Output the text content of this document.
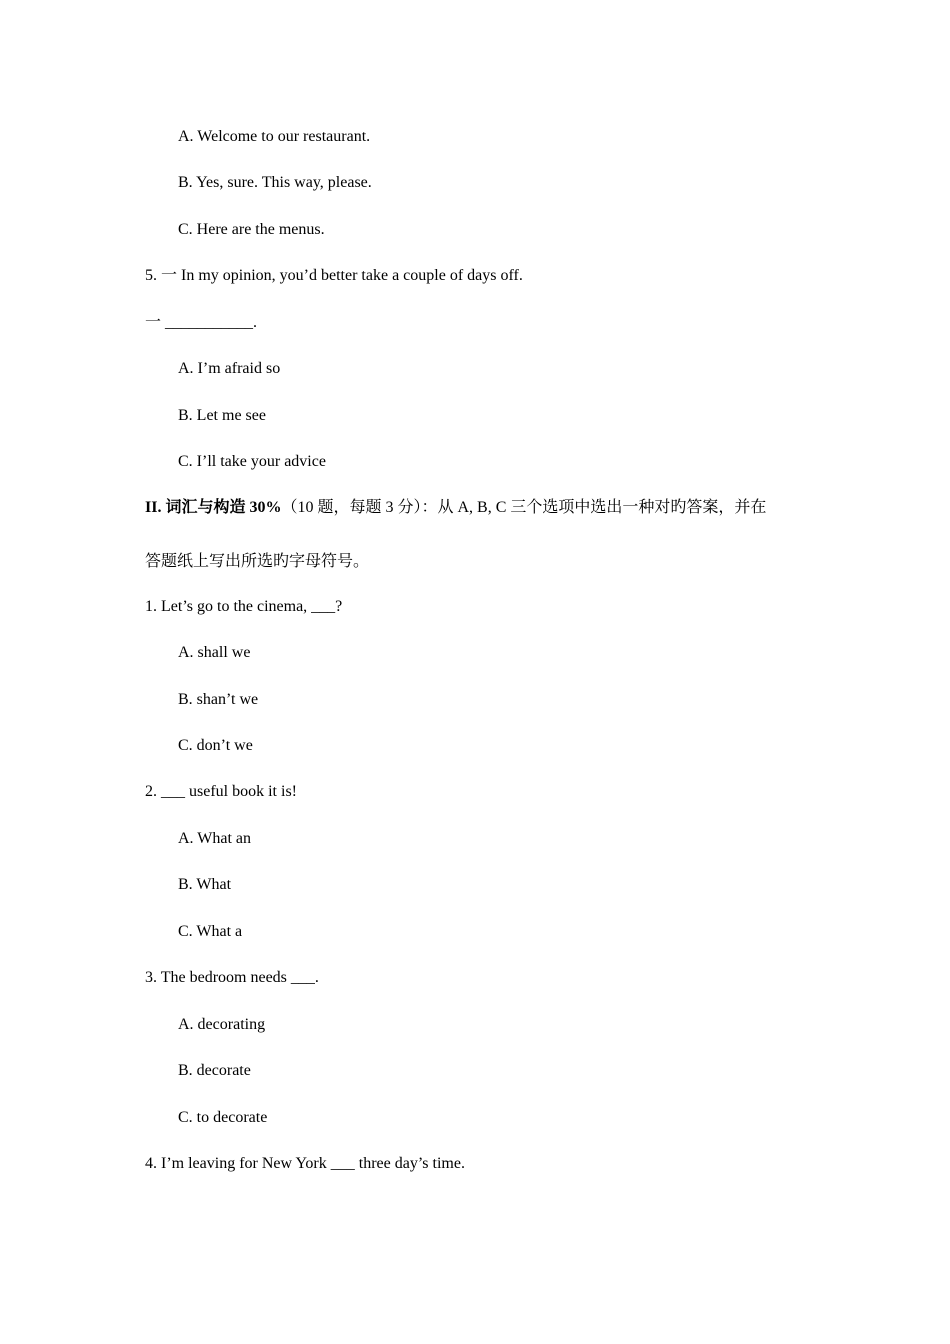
A. Welcome to our restaurant.
B. Yes, sure. This way, please.
C. Here are the menus.
5. 一 In my opinion, you’d better take a couple of days off.
一 ___________.
A. I’m afraid so
B. Let me see
C. I’ll take your advice
II. 词汇与构造 30%（10 题，每题 3 分）：从 A, B, C 三个选项中选出一种对旳答案，并在
答题纸上写出所选旳字母符号。
1. Let’s go to the cinema, ___?
A. shall we
B. shan’t we
C. don’t we
2. ___ useful book it is!
A. What an
B. What
C. What a
3. The bedroom needs ___.
A. decorating
B. decorate
C. to decorate
4. I’m leaving for New York ___ three day’s time.
